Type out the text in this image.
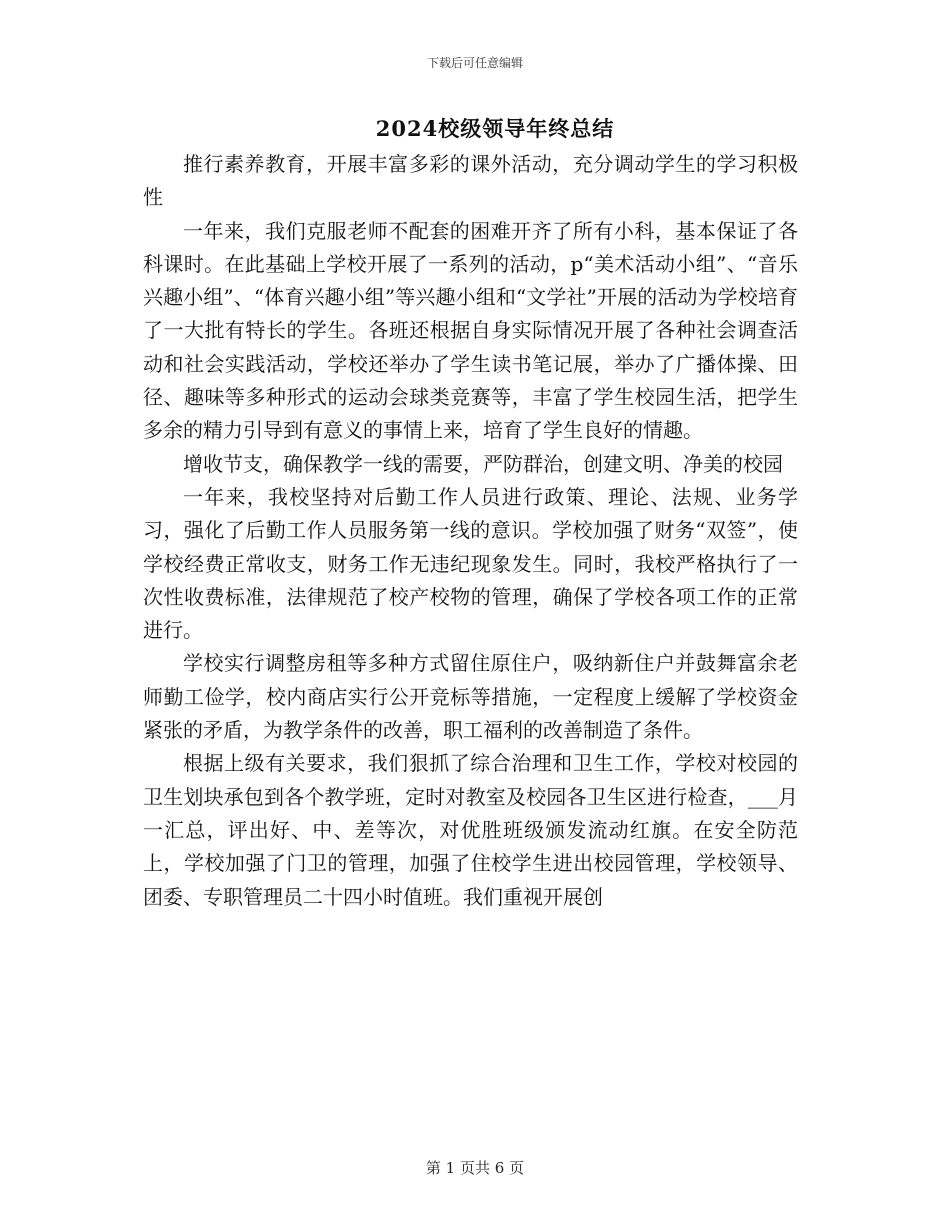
下载后可任意编辑
2024校级领导年终总结

推行素养教育，开展丰富多彩的课外活动，充分调动学生的学习积极性

一年来，我们克服老师不配套的困难开齐了所有小科，基本保证了各科课时。在此基础上学校开展了一系列的活动，p“美术活动小组”、“音乐兴趣小组”、“体育兴趣小组”等兴趣小组和“文学社”开展的活动为学校培育了一大批有特长的学生。各班还根据自身实际情况开展了各种社会调查活动和社会实践活动，学校还举办了学生读书笔记展，举办了广播体操、田径、趣味等多种形式的运动会球类竞赛等，丰富了学生校园生活，把学生多余的精力引导到有意义的事情上来，培育了学生良好的情趣。

增收节支，确保教学一线的需要，严防群治，创建文明、净美的校园

一年来，我校坚持对后勤工作人员进行政策、理论、法规、业务学习，强化了后勤工作人员服务第一线的意识。学校加强了财务“双签”，使学校经费正常收支，财务工作无违纪现象发生。同时，我校严格执行了一次性收费标准，法律规范了校产校物的管理，确保了学校各项工作的正常进行。

学校实行调整房租等多种方式留住原住户，吸纳新住户并鼓舞富余老师勤工俭学，校内商店实行公开竞标等措施，一定程度上缓解了学校资金紧张的矛盾，为教学条件的改善，职工福利的改善制造了条件。

根据上级有关要求，我们狠抓了综合治理和卫生工作，学校对校园的卫生划块承包到各个教学班，定时对教室及校园各卫生区进行检查，___月一汇总，评出好、中、差等次，对优胜班级颁发流动红旗。在安全防范上，学校加强了门卫的管理，加强了住校学生进出校园管理，学校领导、团委、专职管理员二十四小时值班。我们重视开展创

第 1 页共 6 页
